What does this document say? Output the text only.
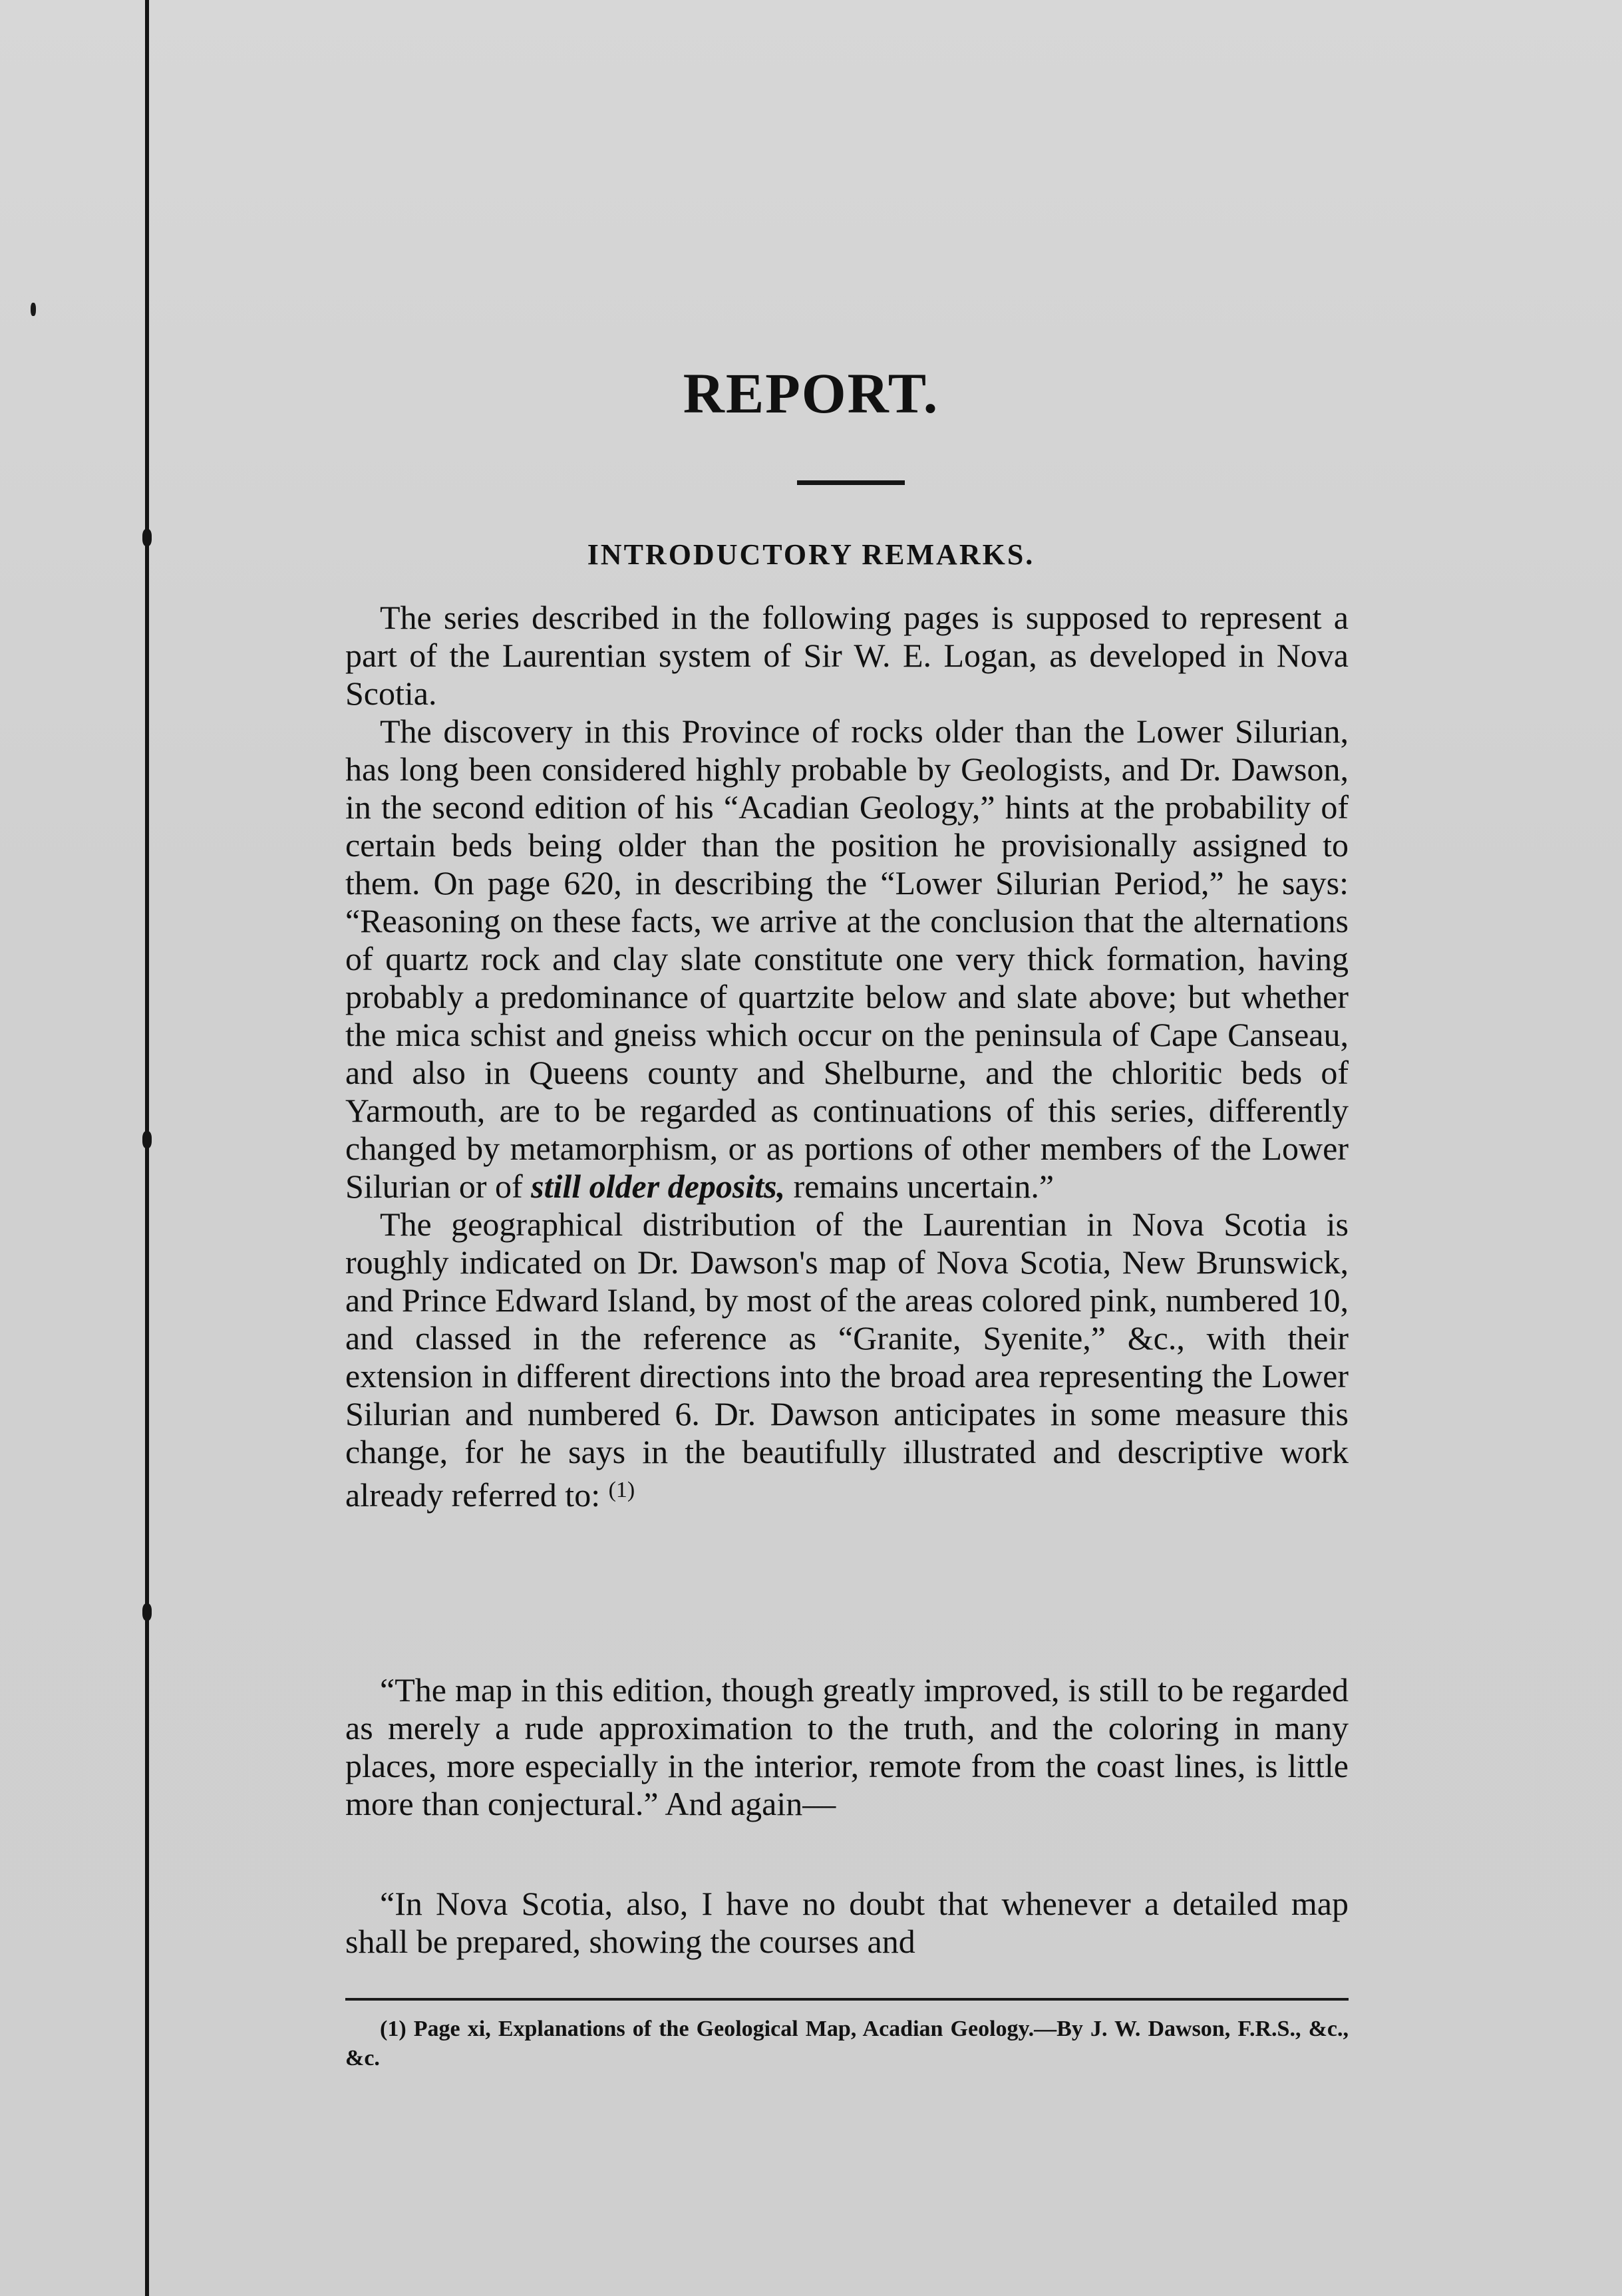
REPORT.
INTRODUCTORY REMARKS.

The series described in the following pages is supposed to represent a part of the Laurentian system of Sir W. E. Logan, as developed in Nova Scotia.

The discovery in this Province of rocks older than the Lower Silurian, has long been considered highly probable by Geologists, and Dr. Dawson, in the second edition of his “Acadian Geology,” hints at the probability of certain beds being older than the position he provisionally assigned to them. On page 620, in describing the “Lower Silurian Period,” he says: “Reasoning on these facts, we arrive at the conclusion that the alternations of quartz rock and clay slate constitute one very thick formation, having probably a predominance of quartzite below and slate above; but whether the mica schist and gneiss which occur on the peninsula of Cape Canseau, and also in Queens county and Shelburne, and the chloritic beds of Yarmouth, are to be regarded as continuations of this series, differently changed by metamorphism, or as portions of other members of the Lower Silurian or of still older deposits, remains uncertain.”

The geographical distribution of the Laurentian in Nova Scotia is roughly indicated on Dr. Dawson's map of Nova Scotia, New Brunswick, and Prince Edward Island, by most of the areas colored pink, numbered 10, and classed in the reference as “Granite, Syenite,” &c., with their extension in different directions into the broad area representing the Lower Silurian and numbered 6. Dr. Dawson anticipates in some measure this change, for he says in the beautifully illustrated and descriptive work already referred to: $^{(1)}$

“The map in this edition, though greatly improved, is still to be regarded as merely a rude approximation to the truth, and the coloring in many places, more especially in the interior, remote from the coast lines, is little more than conjectural.” And again—

“In Nova Scotia, also, I have no doubt that whenever a detailed map shall be prepared, showing the courses and

(1) Page xi, Explanations of the Geological Map, Acadian Geology.—By J. W. Dawson, F.R.S., &c., &c.
